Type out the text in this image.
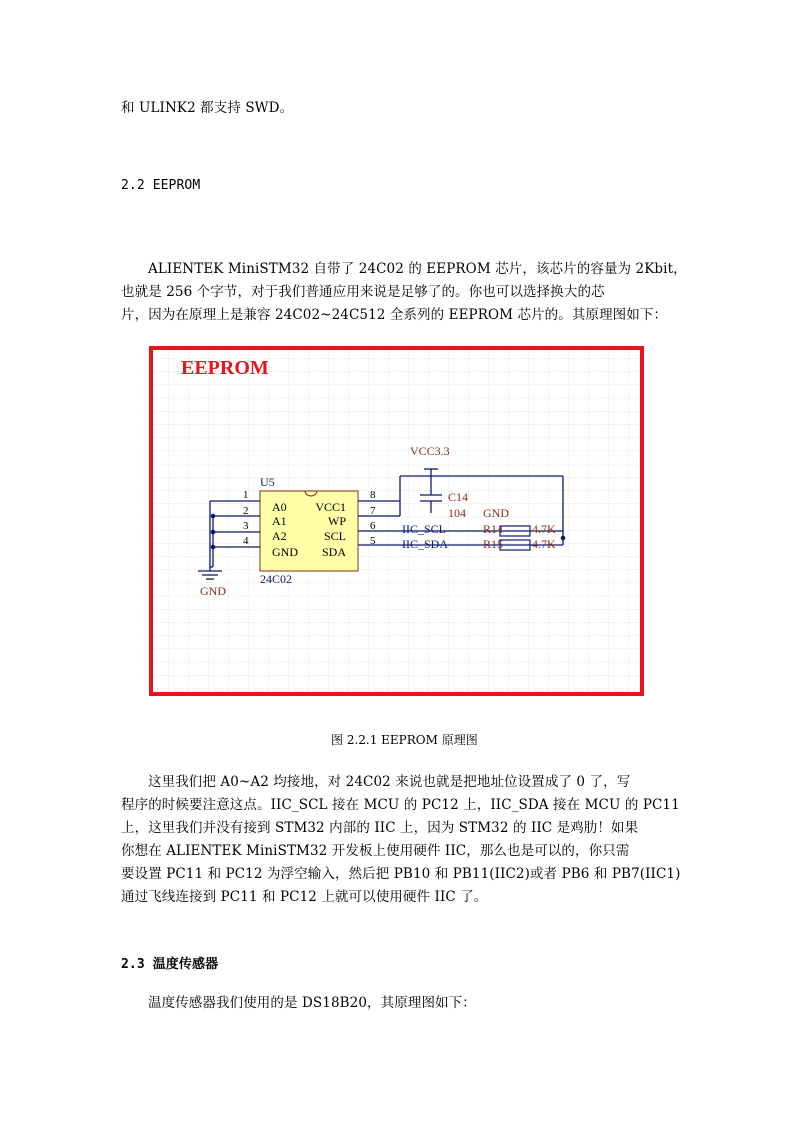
和 ULINK2 都支持 SWD。
2.2 EEPROM
ALIENTEK MiniSTM32 自带了 24C02 的 EEPROM 芯片，该芯片的容量为 2Kbit，
也就是 256 个字节，对于我们普通应用来说是足够了的。你也可以选择换大的芯
片，因为在原理上是兼容 24C02~24C512 全系列的 EEPROM 芯片的。其原理图如下：
EEPROM
U5
24C02
A0
A1
A2
GND
VCC1
WP
SCL
SDA
GND
1
2
3
4
8
7
6
5
VCC3.3
C14
104 GND
IIC_SCL
IIC_SDA
R14
R15
4.7K
4.7K
图 2.2.1 EEPROM 原理图
这里我们把 A0~A2 均接地，对 24C02 来说也就是把地址位设置成了 0 了，写
程序的时候要注意这点。IIC_SCL 接在 MCU 的 PC12 上，IIC_SDA 接在 MCU 的 PC11
上，这里我们并没有接到 STM32 内部的 IIC 上，因为 STM32 的 IIC 是鸡肋！如果
你想在 ALIENTEK MiniSTM32 开发板上使用硬件 IIC，那么也是可以的，你只需
要设置 PC11 和 PC12 为浮空输入，然后把 PB10 和 PB11(IIC2)或者 PB6 和 PB7(IIC1)
通过飞线连接到 PC11 和 PC12 上就可以使用硬件 IIC 了。
2.3 温度传感器
温度传感器我们使用的是 DS18B20，其原理图如下：
